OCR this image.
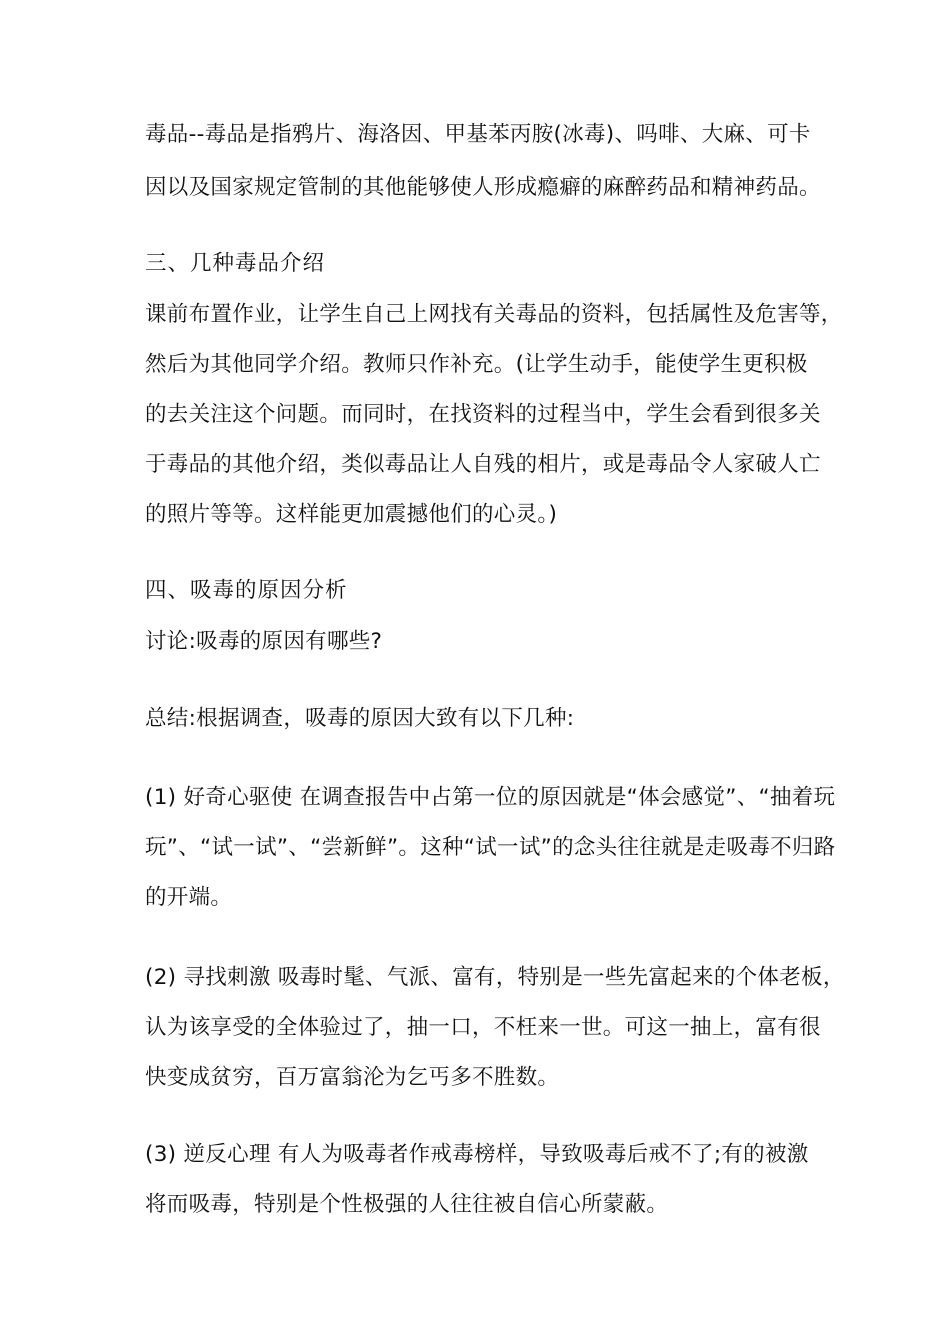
毒品--毒品是指鸦片、海洛因、甲基苯丙胺(冰毒)、吗啡、大麻、可卡
因以及国家规定管制的其他能够使人形成瘾癖的麻醉药品和精神药品。
三、几种毒品介绍
课前布置作业，让学生自己上网找有关毒品的资料，包括属性及危害等，
然后为其他同学介绍。教师只作补充。(让学生动手，能使学生更积极
的去关注这个问题。而同时，在找资料的过程当中，学生会看到很多关
于毒品的其他介绍，类似毒品让人自残的相片，或是毒品令人家破人亡
的照片等等。这样能更加震撼他们的心灵。)
四、吸毒的原因分析
讨论:吸毒的原因有哪些?
总结:根据调查，吸毒的原因大致有以下几种:
(1) 好奇心驱使 在调查报告中占第一位的原因就是“体会感觉”、“抽着玩
玩”、“试一试”、“尝新鲜”。这种“试一试”的念头往往就是走吸毒不归路
的开端。
(2) 寻找刺激 吸毒时髦、气派、富有，特别是一些先富起来的个体老板，
认为该享受的全体验过了，抽一口，不枉来一世。可这一抽上，富有很
快变成贫穷，百万富翁沦为乞丐多不胜数。
(3) 逆反心理 有人为吸毒者作戒毒榜样，导致吸毒后戒不了;有的被激
将而吸毒，特别是个性极强的人往往被自信心所蒙蔽。
